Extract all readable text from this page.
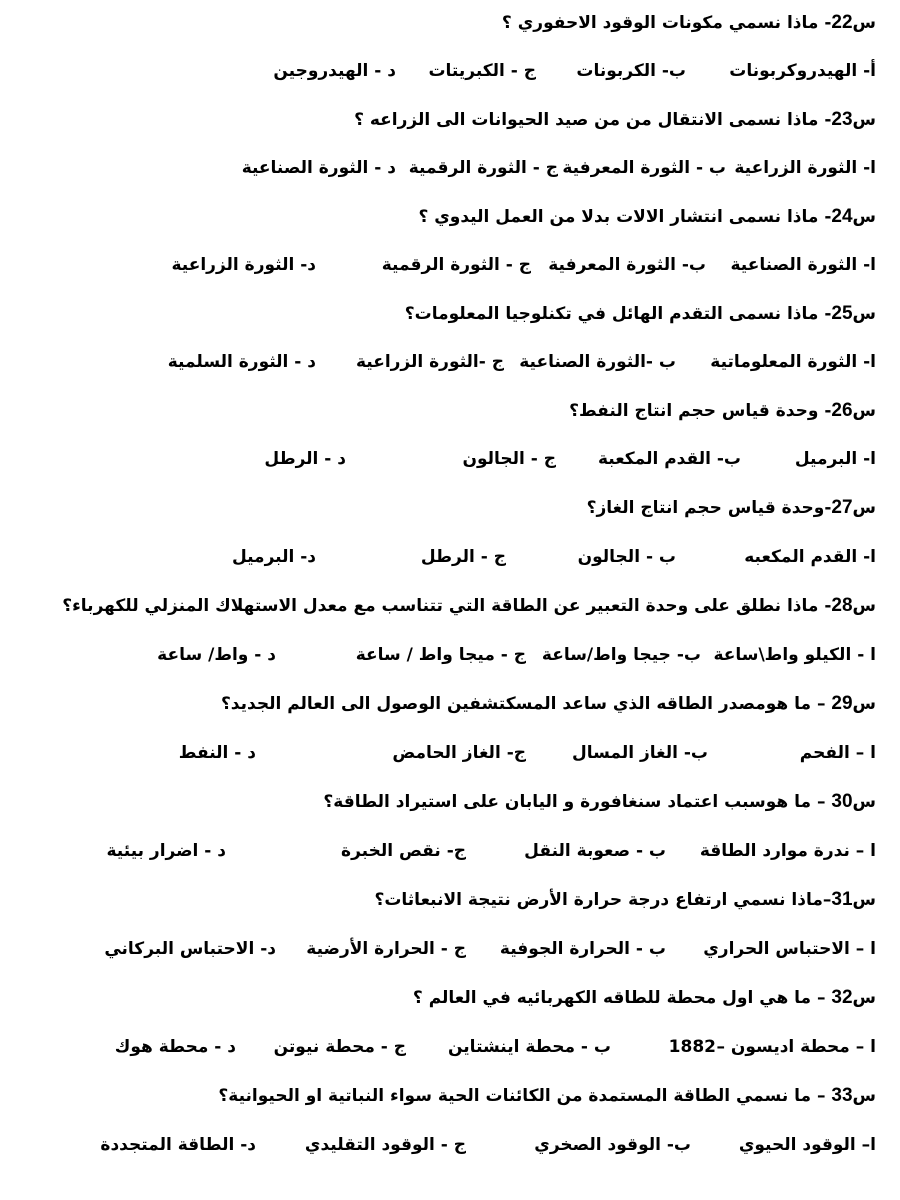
س22- ماذا نسمي مكونات الوقود الاحفوري ؟
أ- الهيدروكربونات
ب- الكربونات
ج - الكبريتات
د - الهيدروجين
س23- ماذا نسمى الانتقال من من صيد الحيوانات الى الزراعه ؟
ا- الثورة الزراعية
ب - الثورة المعرفية
ج - الثورة الرقمية
د - الثورة الصناعية
س24- ماذا نسمى انتشار الالات بدلا من العمل اليدوي ؟
ا- الثورة الصناعية
ب- الثورة المعرفية
ج - الثورة الرقمية
د- الثورة الزراعية
س25- ماذا نسمى التقدم الهائل في تكنلوجيا المعلومات؟
ا- الثورة المعلوماتية
ب -الثورة الصناعية
ج -الثورة الزراعية
د - الثورة السلمية
س26- وحدة قياس حجم انتاج النفط؟
ا- البرميل
ب- القدم المكعبة
ج - الجالون
د - الرطل
س27-وحدة قياس حجم انتاج الغاز؟
ا- القدم المكعبه
ب - الجالون
ج - الرطل
د- البرميل
س28- ماذا نطلق على وحدة التعبير عن الطاقة التي تتناسب مع معدل الاستهلاك المنزلي للكهرباء؟
ا - الكيلو واط\ساعة
ب- جيجا واط/ساعة
ج - ميجا واط / ساعة
د - واط/ ساعة
س29 – ما هومصدر الطاقه الذي ساعد المسكتشفين الوصول الى العالم الجديد؟
ا – الفحم
ب- الغاز المسال
ج- الغاز الحامض
د - النفط
س30 – ما هوسبب اعتماد سنغافورة و اليابان على استيراد الطاقة؟
ا – ندرة موارد الطاقة
ب - صعوبة النقل
ج- نقص الخبرة
د - اضرار بيئية
س31–ماذا نسمي ارتفاع درجة حرارة الأرض نتيجة الانبعاثات؟
ا – الاحتباس الحراري
ب - الحرارة الجوفية
ج - الحرارة الأرضية
د- الاحتباس البركاني
س32 – ما هي اول محطة للطاقه الكهربائيه في العالم ؟
ا – محطة اديسون –
1882
ب - محطة اينشتاين
ج - محطة نيوتن
د - محطة هوك
س33 – ما نسمي الطاقة المستمدة من الكائنات الحية سواء النباتية او الحيوانية؟
ا– الوقود الحيوي
ب- الوقود الصخري
ج - الوقود التقليدي
د- الطاقة المتجددة
